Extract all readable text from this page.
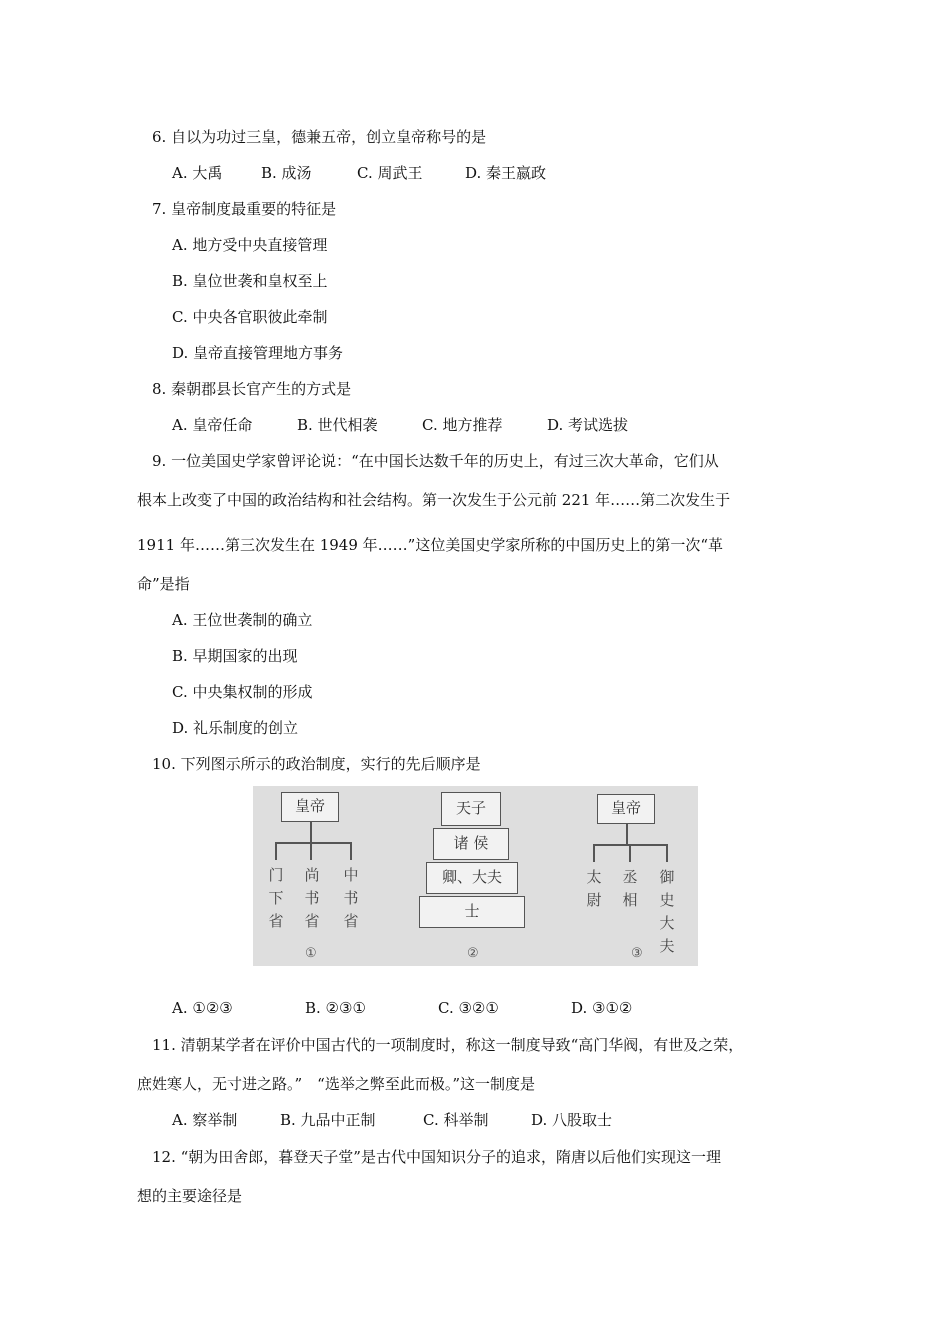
6. 自以为功过三皇，德兼五帝，创立皇帝称号的是
A. 大禹	B. 成汤	C. 周武王	D. 秦王嬴政
7. 皇帝制度最重要的特征是
A. 地方受中央直接管理
B. 皇位世袭和皇权至上
C. 中央各官职彼此牵制
D. 皇帝直接管理地方事务
8. 秦朝郡县长官产生的方式是
A. 皇帝任命	B. 世代相袭	C. 地方推荐	D. 考试选拔
9. 一位美国史学家曾评论说：“在中国长达数千年的历史上，有过三次大革命，它们从
根本上改变了中国的政治结构和社会结构。第一次发生于公元前 221 年……第二次发生于
1911 年……第三次发生在 1949 年……”这位美国史学家所称的中国历史上的第一次“革
命”是指
A. 王位世袭制的确立
B. 早期国家的出现
C. 中央集权制的形成
D. 礼乐制度的创立
10. 下列图示所示的政治制度，实行的先后顺序是
皇帝
门
下
省
尚
书
省
中
书
省
①
天子
诸 侯
卿、大夫
士
②
皇帝
太
尉
丞
相
御
史
大
夫
③
A. ①②③	B. ②③①	C. ③②①	D. ③①②
11. 清朝某学者在评价中国古代的一项制度时，称这一制度导致“高门华阀，有世及之荣，
庶姓寒人，无寸进之路。”　“选举之弊至此而极。”这一制度是
A. 察举制	B. 九品中正制	C. 科举制	D. 八股取士
12. “朝为田舍郎，暮登天子堂”是古代中国知识分子的追求，隋唐以后他们实现这一理
想的主要途径是
